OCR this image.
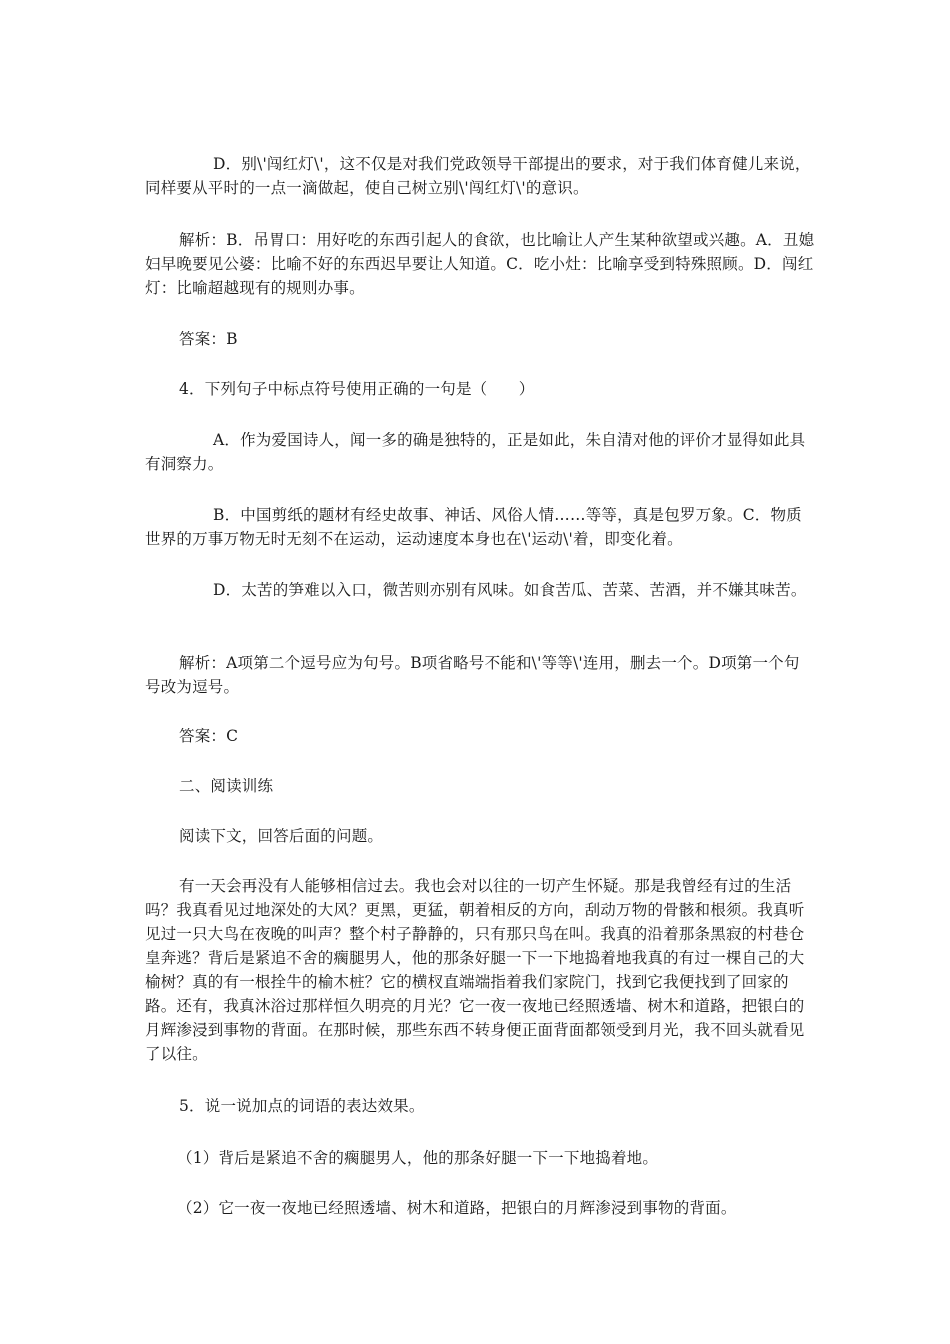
D．别\'闯红灯\'，这不仅是对我们党政领导干部提出的要求，对于我们体育健儿来说，同样要从平时的一点一滴做起，使自己树立别\'闯红灯\'的意识。

解析：B．吊胃口：用好吃的东西引起人的食欲，也比喻让人产生某种欲望或兴趣。A．丑媳妇早晚要见公婆：比喻不好的东西迟早要让人知道。C．吃小灶：比喻享受到特殊照顾。D．闯红灯：比喻超越现有的规则办事。

答案：B

4．下列句子中标点符号使用正确的一句是（　　）

A．作为爱国诗人，闻一多的确是独特的，正是如此，朱自清对他的评价才显得如此具有洞察力。

B．中国剪纸的题材有经史故事、神话、风俗人情……等等，真是包罗万象。C．物质世界的万事万物无时无刻不在运动，运动速度本身也在\'运动\'着，即变化着。

D．太苦的笋难以入口，微苦则亦别有风味。如食苦瓜、苦菜、苦酒，并不嫌其味苦。

解析：A项第二个逗号应为句号。B项省略号不能和\'等等\'连用，删去一个。D项第一个句号改为逗号。

答案：C

二、阅读训练

阅读下文，回答后面的问题。

有一天会再没有人能够相信过去。我也会对以往的一切产生怀疑。那是我曾经有过的生活吗？我真看见过地深处的大风？更黑，更猛，朝着相反的方向，刮动万物的骨骸和根须。我真听见过一只大鸟在夜晚的叫声？整个村子静静的，只有那只鸟在叫。我真的沿着那条黑寂的村巷仓皇奔逃？背后是紧追不舍的瘸腿男人，他的那条好腿一下一下地捣着地我真的有过一棵自己的大榆树？真的有一根拴牛的榆木桩？它的横杈直端端指着我们家院门，找到它我便找到了回家的路。还有，我真沐浴过那样恒久明亮的月光？它一夜一夜地已经照透墙、树木和道路，把银白的月辉渗浸到事物的背面。在那时候，那些东西不转身便正面背面都领受到月光，我不回头就看见了以往。

5．说一说加点的词语的表达效果。

（1）背后是紧追不舍的瘸腿男人，他的那条好腿一下一下地捣着地。

（2）它一夜一夜地已经照透墙、树木和道路，把银白的月辉渗浸到事物的背面。
